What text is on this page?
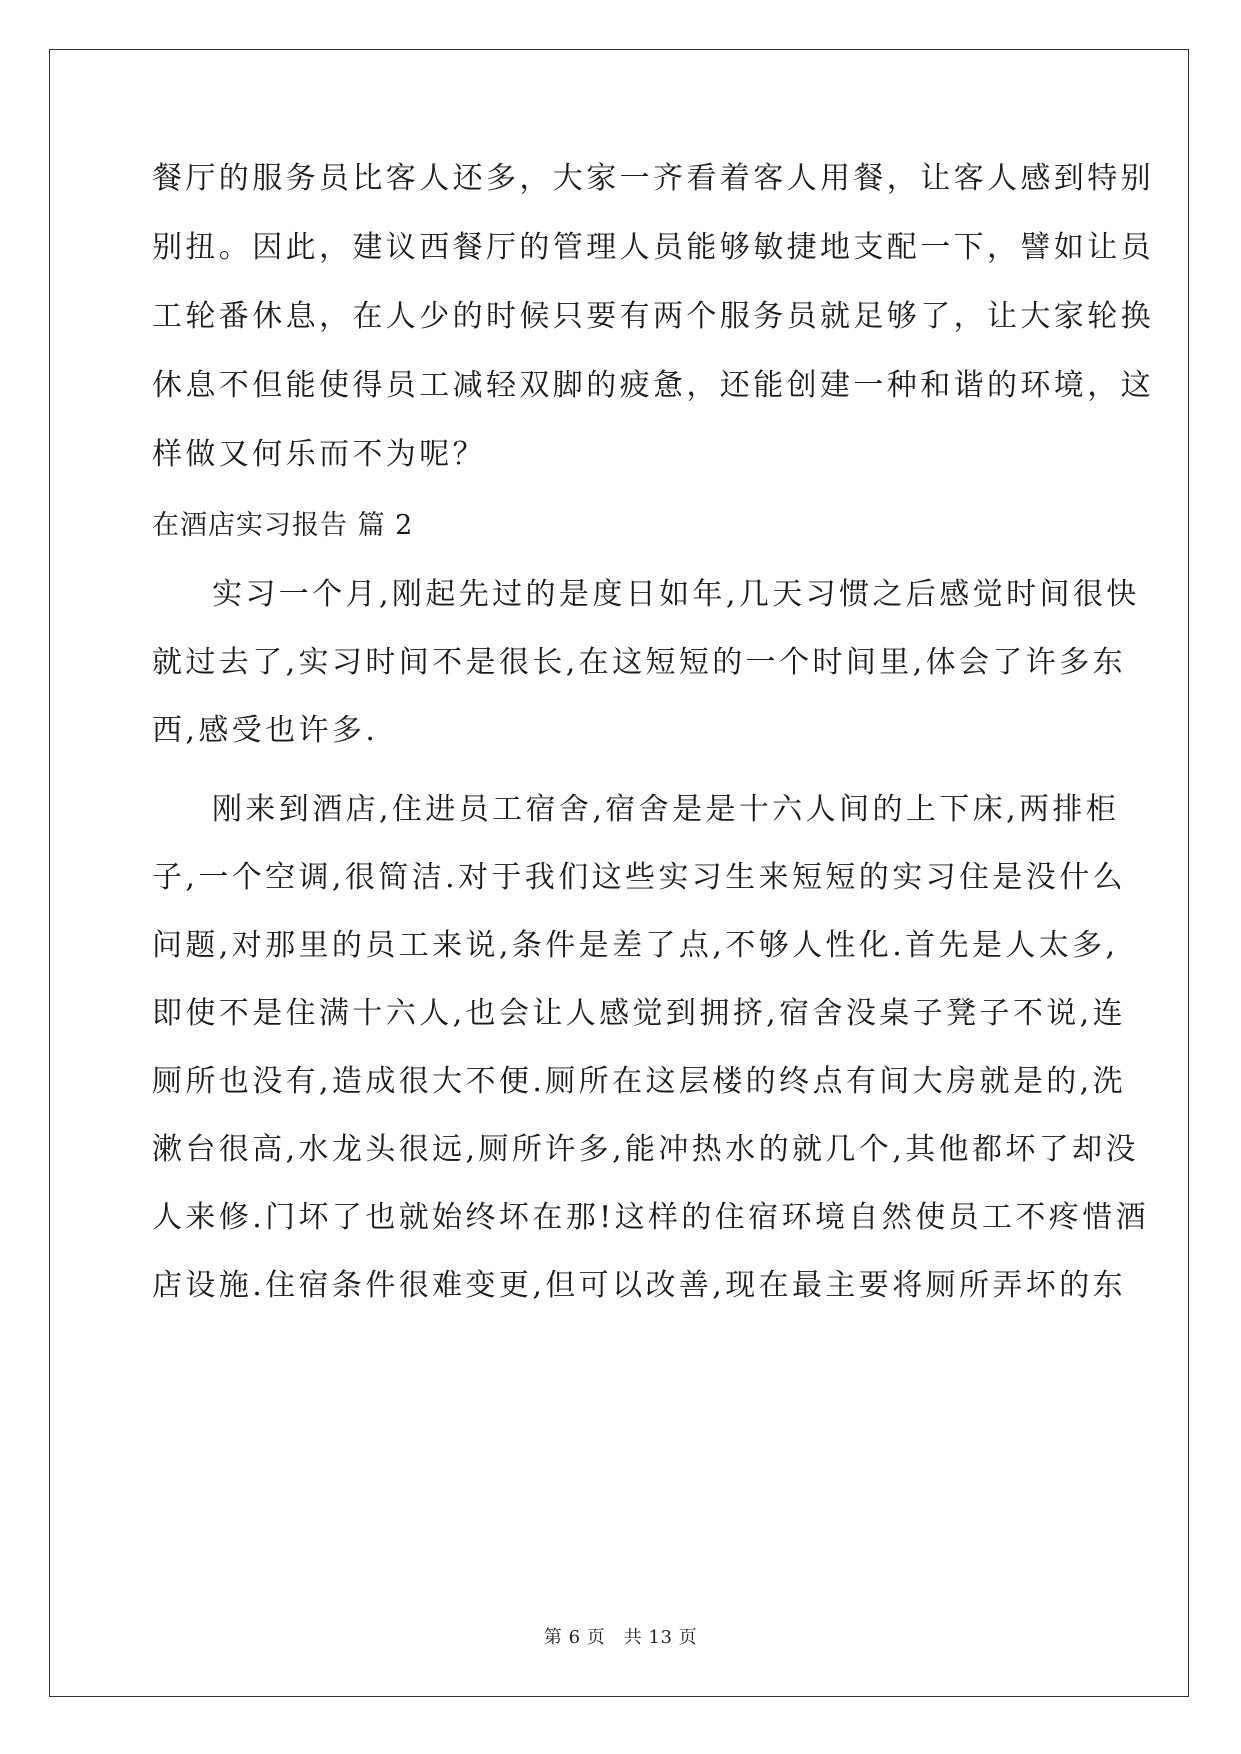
餐厅的服务员比客人还多，大家一齐看着客人用餐，让客人感到特别
别扭。因此，建议西餐厅的管理人员能够敏捷地支配一下，譬如让员
工轮番休息，在人少的时候只要有两个服务员就足够了，让大家轮换
休息不但能使得员工减轻双脚的疲惫，还能创建一种和谐的环境，这
样做又何乐而不为呢？
在酒店实习报告 篇 2
实习一个月,刚起先过的是度日如年,几天习惯之后感觉时间很快
就过去了,实习时间不是很长,在这短短的一个时间里,体会了许多东
西,感受也许多.
刚来到酒店,住进员工宿舍,宿舍是是十六人间的上下床,两排柜
子,一个空调,很简洁.对于我们这些实习生来短短的实习住是没什么
问题,对那里的员工来说,条件是差了点,不够人性化.首先是人太多,
即使不是住满十六人,也会让人感觉到拥挤,宿舍没桌子凳子不说,连
厕所也没有,造成很大不便.厕所在这层楼的终点有间大房就是的,洗
漱台很高,水龙头很远,厕所许多,能冲热水的就几个,其他都坏了却没
人来修.门坏了也就始终坏在那!这样的住宿环境自然使员工不疼惜酒
店设施.住宿条件很难变更,但可以改善,现在最主要将厕所弄坏的东
第 6 页　共 13 页
